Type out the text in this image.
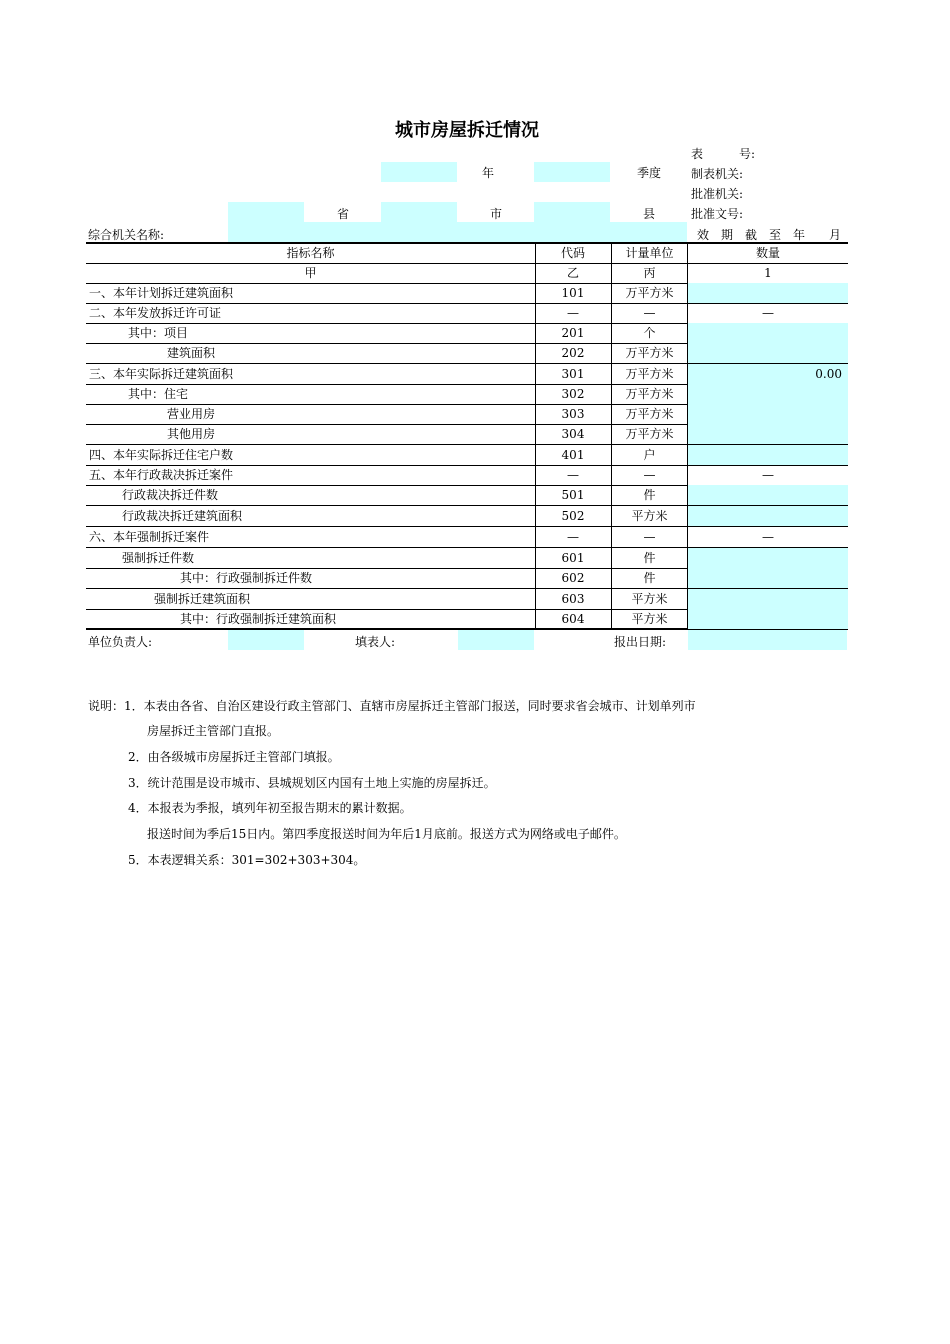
城市房屋拆迁情况
年	季度
省	市	县
综合机关名称:
表　　　号:
制表机关:
批准机关:
批准文号:
效　期　截　至　年　　月
指标名称	代码	计量单位	数量
甲	乙	丙	1
一、本年计划拆迁建筑面积	101	万平方米
二、本年发放拆迁许可证	—	—	—
其中：项目	201	个
建筑面积	202	万平方米
三、本年实际拆迁建筑面积	301	万平方米	0.00
其中：住宅	302	万平方米
营业用房	303	万平方米
其他用房	304	万平方米
四、本年实际拆迁住宅户数	401	户
五、本年行政裁决拆迁案件	—	—	—
行政裁决拆迁件数	501	件
行政裁决拆迁建筑面积	502	平方米
六、本年强制拆迁案件	—	—	—
强制拆迁件数	601	件
其中：行政强制拆迁件数	602	件
强制拆迁建筑面积	603	平方米
其中：行政强制拆迁建筑面积	604	平方米
单位负责人:	填表人:	报出日期:
说明：1．本表由各省、自治区建设行政主管部门、直辖市房屋拆迁主管部门报送，同时要求省会城市、计划单列市
房屋拆迁主管部门直报。
2．由各级城市房屋拆迁主管部门填报。
3．统计范围是设市城市、县城规划区内国有土地上实施的房屋拆迁。
4．本报表为季报，填列年初至报告期末的累计数据。
报送时间为季后15日内。第四季度报送时间为年后1月底前。报送方式为网络或电子邮件。
5．本表逻辑关系：301=302+303+304。
